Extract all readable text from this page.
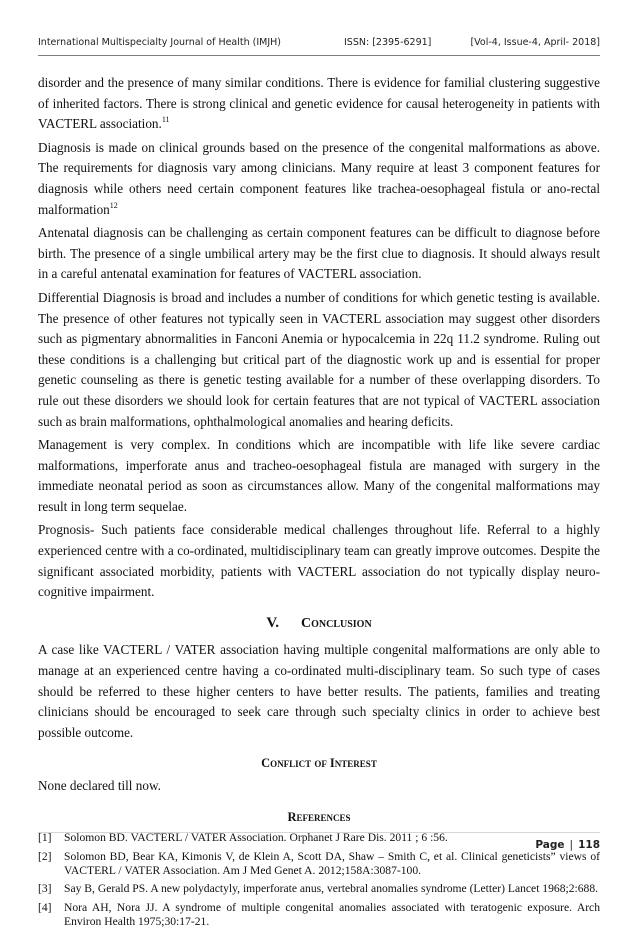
International Multispecialty Journal of Health (IMJH)	ISSN: [2395-6291]	[Vol-4, Issue-4, April- 2018]

disorder and the presence of many similar conditions. There is evidence for familial clustering suggestive of inherited factors. There is strong clinical and genetic evidence for causal heterogeneity in patients with VACTERL association.$^{11}$

Diagnosis is made on clinical grounds based on the presence of the congenital malformations as above. The requirements for diagnosis vary among clinicians. Many require at least 3 component features for diagnosis while others need certain component features like trachea-oesophageal fistula or ano-rectal malformation$^{12}$

Antenatal diagnosis can be challenging as certain component features can be difficult to diagnose before birth. The presence of a single umbilical artery may be the first clue to diagnosis. It should always result in a careful antenatal examination for features of VACTERL association.

Differential Diagnosis is broad and includes a number of conditions for which genetic testing is available. The presence of other features not typically seen in VACTERL association may suggest other disorders such as pigmentary abnormalities in Fanconi Anemia or hypocalcemia in 22q 11.2 syndrome. Ruling out these conditions is a challenging but critical part of the diagnostic work up and is essential for proper genetic counseling as there is genetic testing available for a number of these overlapping disorders. To rule out these disorders we should look for certain features that are not typical of VACTERL association such as brain malformations, ophthalmological anomalies and hearing deficits.

Management is very complex. In conditions which are incompatible with life like severe cardiac malformations, imperforate anus and tracheo-oesophageal fistula are managed with surgery in the immediate neonatal period as soon as circumstances allow. Many of the congenital malformations may result in long term sequelae.

Prognosis- Such patients face considerable medical challenges throughout life. Referral to a highly experienced centre with a co-ordinated, multidisciplinary team can greatly improve outcomes. Despite the significant associated morbidity, patients with VACTERL association do not typically display neuro-cognitive impairment.

V. Conclusion

A case like VACTERL / VATER association having multiple congenital malformations are only able to manage at an experienced centre having a co-ordinated multi-disciplinary team. So such type of cases should be referred to these higher centers to have better results. The patients, families and treating clinicians should be encouraged to seek care through such specialty clinics in order to achieve best possible outcome.

Conflict of Interest

None declared till now.

References
[1] Solomon BD. VACTERL / VATER Association. Orphanet J Rare Dis. 2011 ; 6 :56.
[2] Solomon BD, Bear KA, Kimonis V, de Klein A, Scott DA, Shaw – Smith C, et al. Clinical geneticists” views of VACTERL / VATER Association. Am J Med Genet A. 2012;158A:3087-100.
[3] Say B, Gerald PS. A new polydactyly, imperforate anus, vertebral anomalies syndrome (Letter) Lancet 1968;2:688.
[4] Nora AH, Nora JJ. A syndrome of multiple congenital anomalies associated with teratogenic exposure. Arch Environ Health 1975;30:17-21.
Page | 118
